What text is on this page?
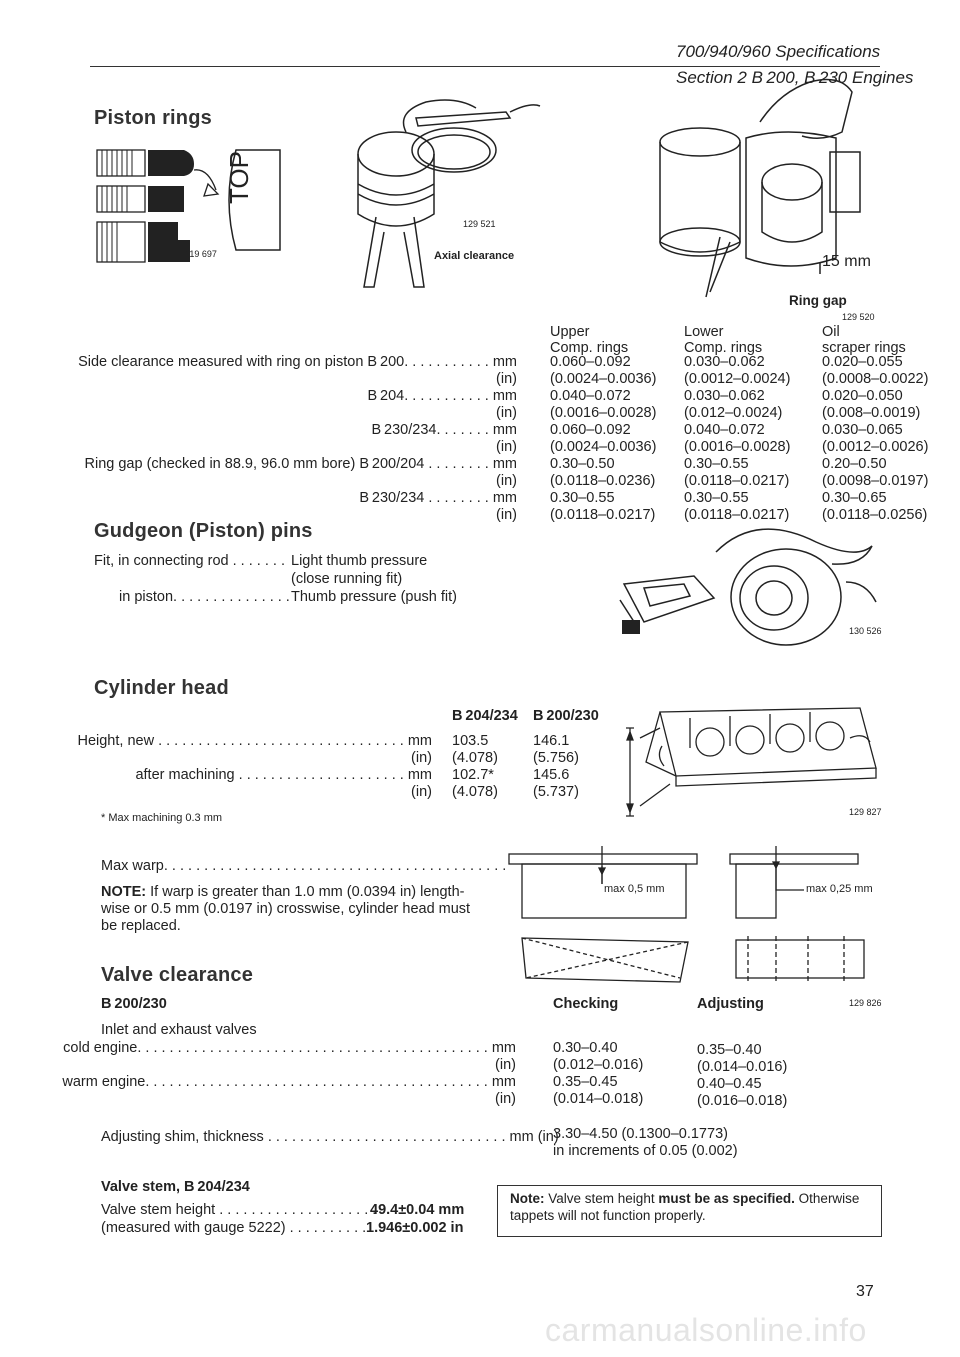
700/940/960 Specifications
Section 2 B 200, B 230 Engines
Piston rings
TOP
119 697
129 521
Axial clearance	15 mm
Ring gap
129 520
Upper
Comp. rings
Lower
Comp. rings
Oil
scraper rings
Side clearance measured with ring on piston B 200. . . . . . . . . . . mm 0.060–0.092	0.030–0.062	0.020–0.055
(in) (0.0024–0.0036) (0.0012–0.0024) (0.0008–0.0022)
B 204. . . . . . . . . . . mm 0.040–0.072	0.030–0.062	0.020–0.050
(in) (0.0016–0.0028) (0.012–0.0024)	(0.008–0.0019)
B 230/234. . . . . . . mm 0.060–0.092	0.040–0.072	0.030–0.065
(in) (0.0024–0.0036) (0.0016–0.0028) (0.0012–0.0026)
Ring gap (checked in 88.9, 96.0 mm bore) B 200/204 . . . . . . . . mm 0.30–0.50	0.30–0.55	0.20–0.50
(in) (0.0118–0.0236) (0.0118–0.0217) (0.0098–0.0197)
B 230/234 . . . . . . . . mm 0.30–0.55	0.30–0.55	0.30–0.65
(in) (0.0118–0.0217) (0.0118–0.0217) (0.0118–0.0256)
Gudgeon (Piston) pins
Fit, in connecting rod . . . . . . . Light thumb pressure
(close running fit)
in piston. . . . . . . . . . . . . . . Thumb pressure (push fit)
130 526
Cylinder head
B 204/234 B 200/230
Height, new . . . . . . . . . . . . . . . . . . . . . . . . . . . . . . . mm 103.5	146.1
(in) (4.078) (5.756)
after machining . . . . . . . . . . . . . . . . . . . . . mm 102.7*	145.6
(in) (4.078) (5.737)
* Max machining 0.3 mm	129 827
Max warp. . . . . . . . . . . . . . . . . . . . . . . . . . . . . . . . . . . . . . . . . . .
NOTE: If warp is greater than 1.0 mm (0.0394 in) length-
wise or 0.5 mm (0.0197 in) crosswise, cylinder head must
be replaced.
max 0,5 mm	max 0,25 mm
129 826
Valve clearance
B 200/230	Checking	Adjusting
Inlet and exhaust valves
cold engine. . . . . . . . . . . . . . . . . . . . . . . . . . . . . . . . . . . . . . . . . . . . mm	0.30–0.40	0.35–0.40
(in)	(0.012–0.016)	(0.014–0.016)
warm engine. . . . . . . . . . . . . . . . . . . . . . . . . . . . . . . . . . . . . . . . . . . mm	0.35–0.45	0.40–0.45
(in)	(0.014–0.018)	(0.016–0.018)
Adjusting shim, thickness . . . . . . . . . . . . . . . . . . . . . . . . . . . . . . mm (in)
3.30–4.50 (0.1300–0.1773)
in increments of 0.05 (0.002)
Valve stem, B 204/234
Valve stem height . . . . . . . . . . . . . . . . . . . .
49.4±0.04 mm
(measured with gauge 5222) . . . . . . . . . . 1.946±0.002 in
Note: Valve stem height must be as specified. Otherwise
tappets will not function properly.
37
carmanualsonline.info
